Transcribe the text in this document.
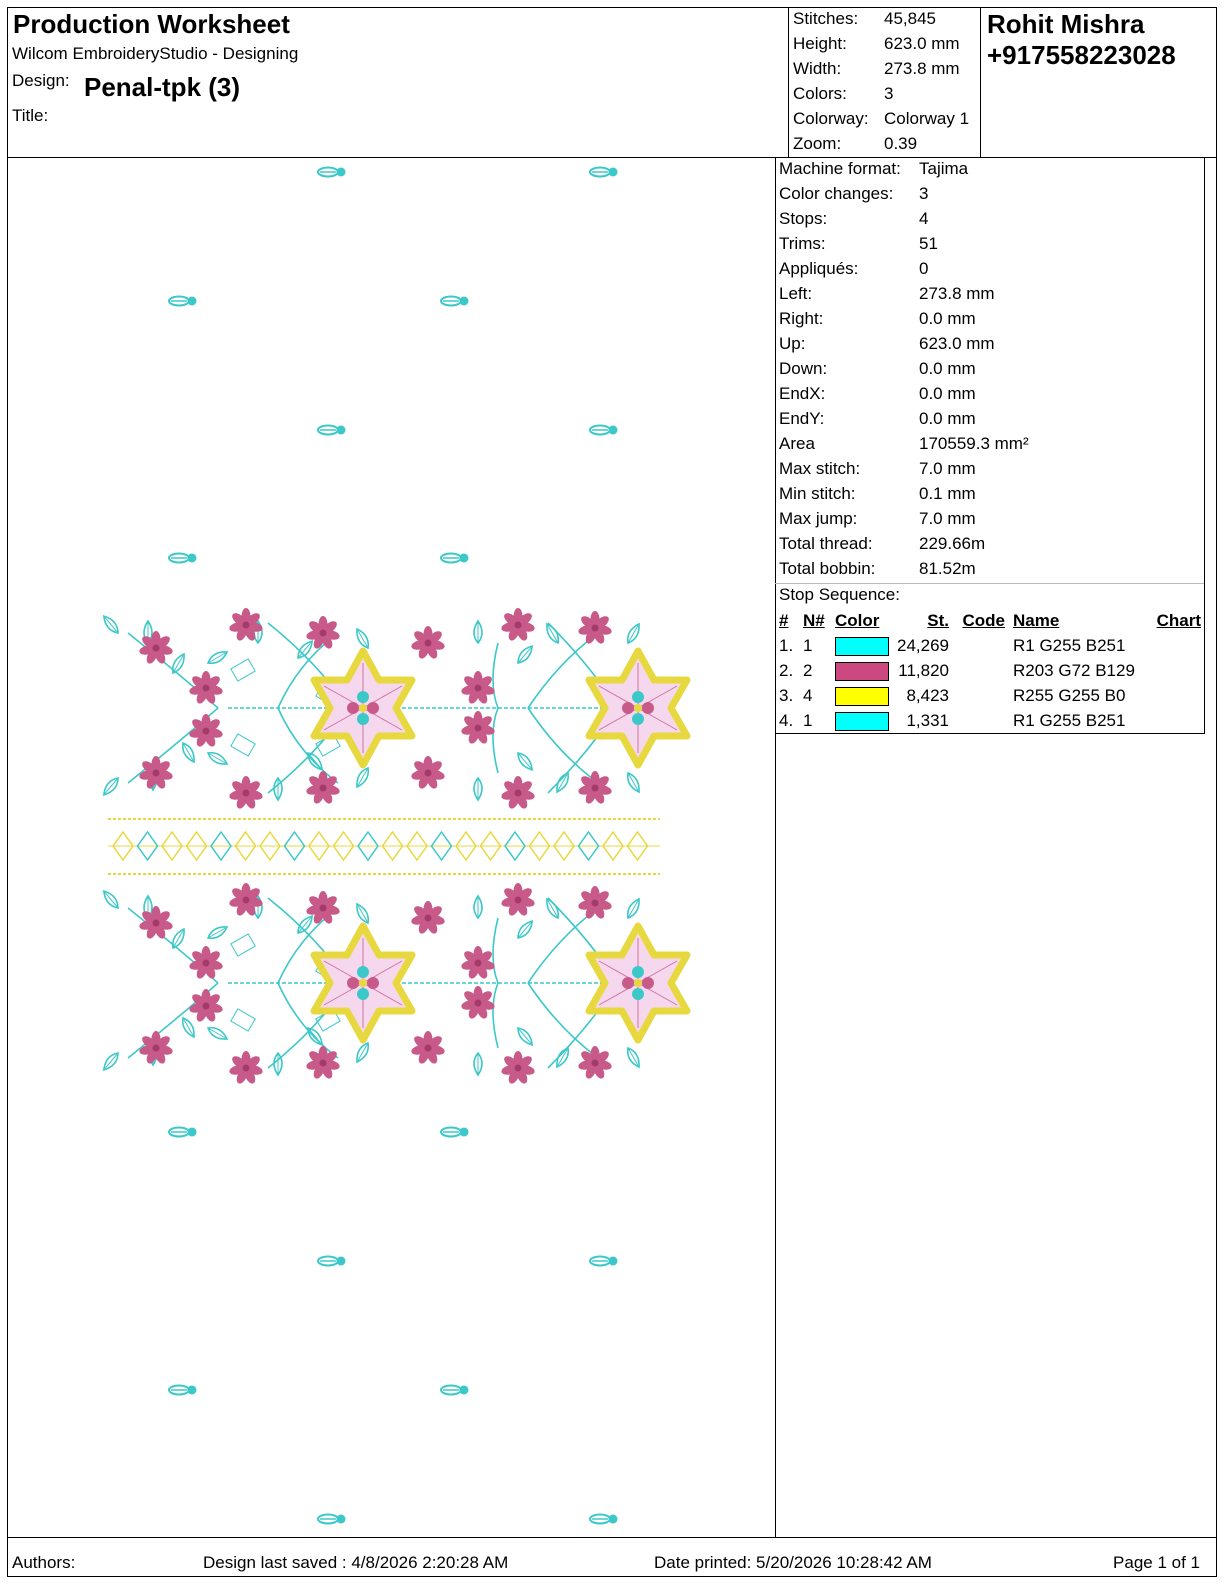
Production Worksheet
Wilcom EmbroideryStudio - Designing
Design: Penal-tpk (3)
Title:
Stitches: 45,845
Height: 623.0 mm
Width:	273.8 mm
Colors: 3
Colorway: Colorway 1
Zoom:	0.39
Rohit Mishra
+917558223028
Machine format: Tajima
Color changes: 3
Stops:	4
Trims:	51
Appliqués:	0
Left:	273.8 mm
Right:	0.0 mm
Up:	623.0 mm
Down:	0.0 mm
EndX:	0.0 mm
EndY:	0.0 mm
Area	170559.3 mm²
Max stitch:	7.0 mm
Min stitch:	0.1 mm
Max jump:	7.0 mm
Total thread:	229.66m
Total bobbin:	81.52m
Stop Sequence:
#	N#	Color	St.	Code	Name	Chart
1.	1		24,269		R1 G255 B251	
2.	2		11,820		R203 G72 B129	
3.	4		8,423		R255 G255 B0	
4.	1		1,331		R1 G255 B251	
Authors:	Design last saved : 4/8/2026 2:20:28 AM	Date printed: 5/20/2026 10:28:42 AM	Page 1 of 1
